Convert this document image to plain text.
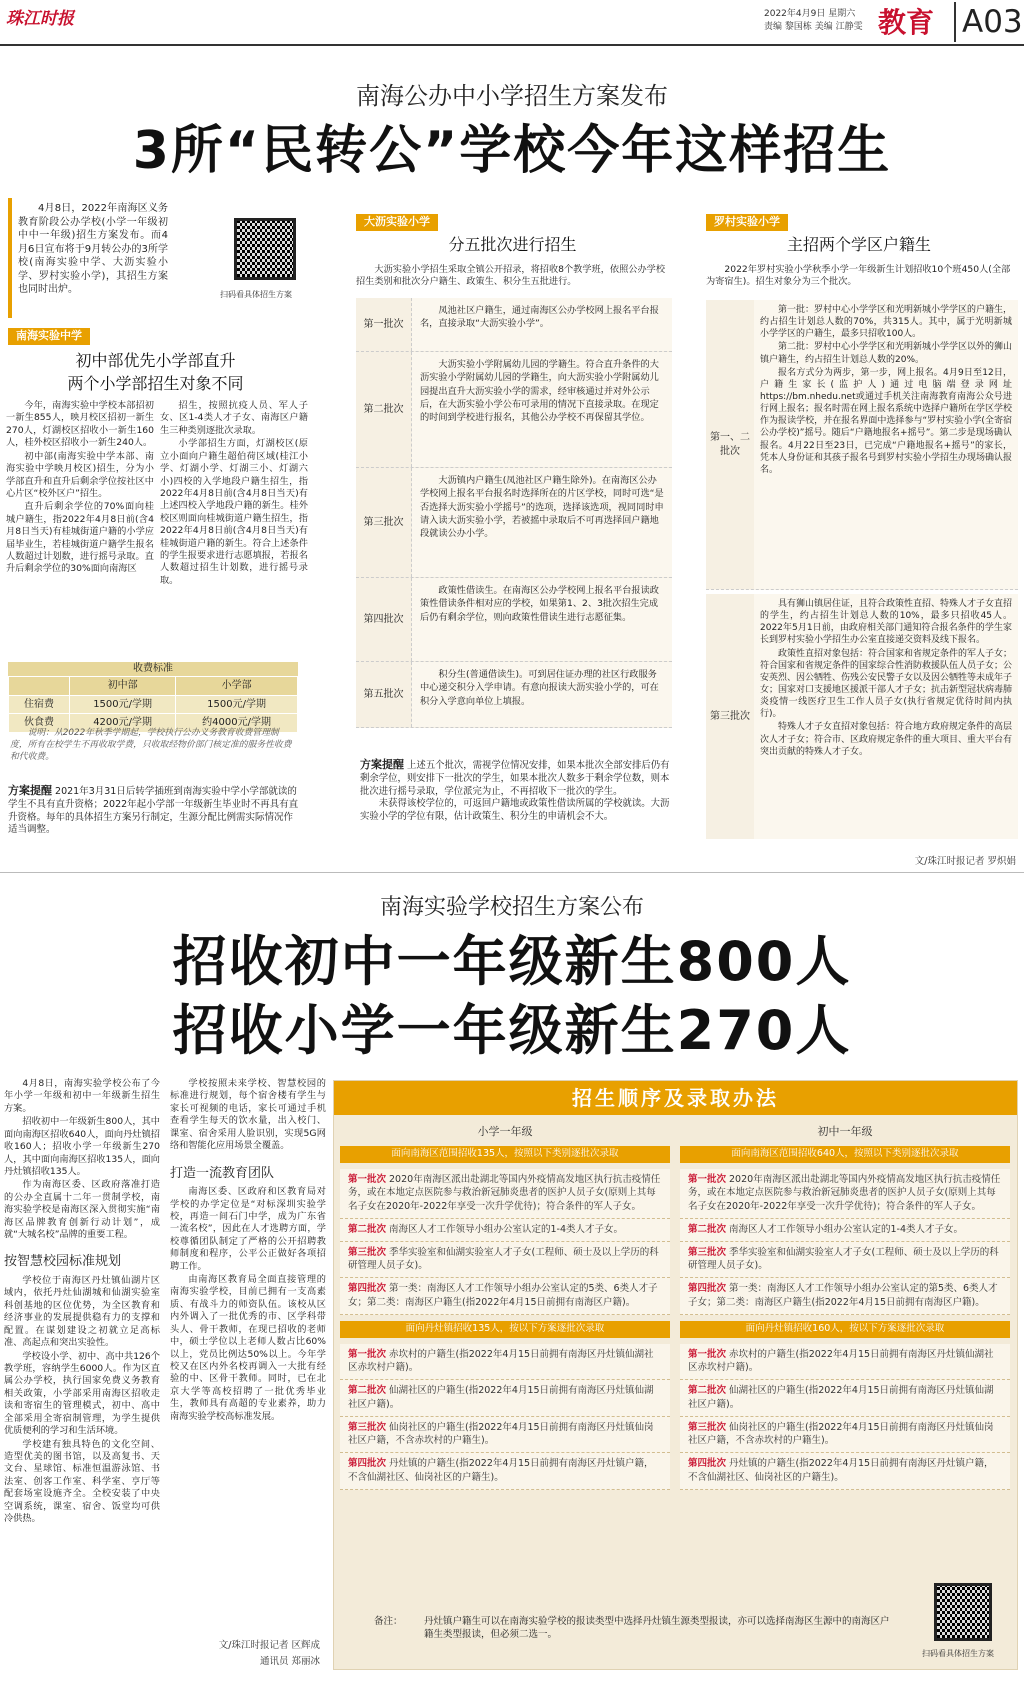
珠江时报	2022年4月9日 星期六
责编 黎国栋 美编 江静雯 教育 A03
南海公办中小学招生方案发布
3所“民转公”学校今年这样招生

4月8日，2022年南海区义务教育阶段公办学校(小学一年级初中中一年级)招生方案发布。而4月6日宣布将于9月转公办的3所学校(南海实验中学、大沥实验小学、罗村实验小学)，其招生方案也同时出炉。	扫码看具体招生方案
南海实验中学
初中部优先小学部直升
两个小学部招生对象不同

今年，南海实验中学校本部招初一新生855人，映月校区招初一新生270人，灯湖校区招收小一新生160人，桂外校区招收小一新生240人。

初中部(南海实验中学本部、南海实验中学映月校区)招生，分为小学部直升和直升后剩余学位按社区中心片区“校外区户”招生。

直升后剩余学位的70%面向桂城户籍生，指2022年4月8日前(含4月8日当天)有桂城街道户籍的小学应届毕业生，若桂城街道户籍学生报名人数超过计划数，进行摇号录取。直升后剩余学位的30%面向南海区

招生，按照抗疫人员、军人子女、区1-4类人才子女、南海区户籍生三种类别逐批次录取。

小学部招生方面，灯湖校区(原立小面向户籍生超伯荷区域(桂江小学、灯湖小学、灯湖三小、灯湖六小)四校的入学地段户籍生招生，指2022年4月8日前(含4月8日当天)有上述四校入学地段户籍的新生。桂外校区则面向桂城街道户籍生招生，指2022年4月8日前(含4月8日当天)有桂城街道户籍的新生。符合上述条件的学生报要求进行志愿填报，若报名人数超过招生计划数，进行摇号录取。

收费标准
	初中部	小学部
住宿费	1500元/学期	1500元/学期
伙食费	4200元/学期	约4000元/学期
说明：从2022年秋季学期起，学校执行公办义务教育收费管理制度，所有在校学生不再收取学费，只收取经物价部门核定准的服务性收费和代收费。
方案提醒 2021年3月31日后转学插班到南海实验中学小学部就读的学生不具有直升资格；2022年起小学部一年级新生毕业时不再具有直升资格。每年的具体招生方案另行制定，生源分配比例需实际情况作适当调整。
大沥实验小学
分五批次进行招生
大沥实验小学招生采取全镇公开招录，将招收8个教学班，依照公办学校招生类别和批次分户籍生、政策生、积分生五批进行。
第一批次
凤池社区户籍生，通过南海区公办学校网上报名平台报名，直接录取“大沥实验小学”。
第二批次
大沥实验小学附属幼儿园的学籍生。符合直升条件的大沥实验小学附属幼儿园的学籍生，向大沥实验小学附属幼儿园提出直升大沥实验小学的需求，经审核通过并对外公示后，在大沥实验小学公布可录用的情况下直接录取。在现定的时间到学校进行报名，其他公办学校不再保留其学位。
第三批次
大沥镇内户籍生(凤池社区户籍生除外)。在南海区公办学校网上报名平台报名时选择所在的片区学校，同时可选“是否选择大沥实验小学摇号”的选项，选择该选项，视同同时申请入读大沥实验小学，若被摇中录取后不可再选择回户籍地段就读公办小学。
第四批次
政策性借读生。在南海区公办学校网上报名平台报读政策性借读条件相对应的学校，如果第1、2、3批次招生完成后仍有剩余学位，则向政策性借读生进行志愿征集。
第五批次
积分生(普通借读生)。可到居住证办理的社区行政服务中心递交积分入学申请。有意向报读大沥实验小学的，可在积分入学意向单位上填报。
方案提醒 上述五个批次，需视学位情况安排，如果本批次全部安排后仍有剩余学位，则安排下一批次的学生，如果本批次人数多于剩余学位数，则本批次进行摇号录取，学位派完为止，不再招收下一批次的学生。
未获得该校学位的，可返回户籍地或政策性借读所属的学校就读。大沥实验小学的学位有限，估计政策生、积分生的申请机会不大。
罗村实验小学
主招两个学区户籍生
2022年罗村实验小学秋季小学一年级新生计划招收10个班450人(全部为寄宿生)。招生对象分为三个批次。
第一、二批次

第一批：罗村中心小学学区和光明新城小学学区的户籍生，约占招生计划总人数的70%，共315人。其中，属于光明新城小学学区的户籍生，最多只招收100人。

第二批：罗村中心小学学区和光明新城小学学区以外的狮山镇户籍生，约占招生计划总人数的20%。

报名方式分为两步，第一步，网上报名。4月9日至12日，户籍生家长(监护人)通过电脑端登录网址https://bm.nhedu.net或通过手机关注南海教育南海公众号进行网上报名；报名时需在网上报名系统中选择户籍所在学区学校作为报读学校，并在报名界面中选择参与“罗村实验小学(全寄宿公办学校)”摇号。随后“户籍地报名+摇号”。第二步是现场确认报名。4月22日至23日，已完成“户籍地报名+摇号”的家长，凭本人身份证和其孩子报名号到罗村实验小学招生办现场确认报名。

第三批次

具有狮山镇居住证，且符合政策性直招、特殊人才子女直招的学生，约占招生计划总人数的10%，最多只招收45人。2022年5月1日前，由政府相关部门通知符合报名条件的学生家长到罗村实验小学招生办公室直接递交资料及线下报名。

政策性直招对象包括：符合国家和省规定条件的军人子女；符合国家和省规定条件的国家综合性消防救援队伍人员子女；公安英烈、因公牺牲、伤残公安民警子女以及因公牺牲等未成年子女；国家对口支援地区援派干部人才子女；抗击新型冠状病毒肺炎疫情一线医疗卫生工作人员子女(执行省规定优待时间内执行)。

特殊人才子女直招对象包括：符合地方政府规定条件的高层次人才子女；符合市、区政府规定条件的重大项目、重大平台有突出贡献的特殊人才子女。

文/珠江时报记者 罗炽娟
南海实验学校招生方案公布
招收初中一年级新生800人
招收小学一年级新生270人

4月8日，南海实验学校公布了今年小学一年级和初中一年级新生招生方案。

招收初中一年级新生800人，其中面向南海区招收640人，面向丹灶镇招收160人；招收小学一年级新生270人，其中面向南海区招收135人，面向丹灶镇招收135人。

作为南海区委、区政府落准打造的公办全直属十二年一贯制学校，南海实验学校是南海区深入贯彻实施“南海区品牌教育创新行动计划”，成就“大城名校”品牌的重要工程。

按智慧校园标准规划

学校位于南海区丹灶镇仙湖片区域内，依托丹灶仙湖城和仙湖实验室科创基地的区位优势，为全区教育和经济事业的发展提供稳有力的支撑和配置。在谋划建设之初就立足高标准、高起点和突出实验性。

学校设小学、初中、高中共126个教学班，容纳学生6000人。作为区直属公办学校，执行国家免费义务教育相关政策，小学部采用南海区招收走读和寄宿生的管理模式，初中、高中全部采用全寄宿制管理，为学生提供优质便利的学习和生活环境。

学校建有独具特色的文化空间、造型优美的图书馆，以及高复书、天文台、星球馆、标准恒温游泳馆、书法室、创客工作室、科学室、亨厅等配套场室设施齐全。全校安装了中央空调系统，课室、宿舍、饭堂均可供冷供热。

学校按照未来学校、智慧校园的标准进行规划，每个宿舍楼有学生与家长可视频的电话，家长可通过手机查看学生每天的饮水量，出入校门、课室、宿舍采用人脸识别，实现5G网络和智能化应用场景全覆盖。

打造一流教育团队

南海区委、区政府和区教育局对学校的办学定位是“对标深圳实验学校，再造一间石门中学，成为广东省一流名校”，因此在人才选聘方面，学校尊循团队制定了严格的公开招聘教师制度和程序，公平公正做好各项招聘工作。

由南海区教育局全面直接管理的南海实验学校，目前已拥有一支高素质、有战斗力的师资队伍。该校从区内外调入了一批优秀的市、区学科带头人、骨干教师，在现已招收的老师中，硕士学位以上老师人数占比60%以上，党员比例达50%以上。今年学校又在区内外名校再调入一大批有经验的中、区骨干教师。同时，已在北京大学等高校招聘了一批优秀毕业生，教师具有高超的专业素养，助力南海实验学校高标准发展。

文/珠江时报记者 区辉成
通讯员 郑丽冰
招生顺序及录取办法
小学一年级
面向南海区范围招收135人，按照以下类别逐批次录取
第一批次 2020年南海区派出赴湖北等国内外疫情高发地区执行抗击疫情任务，或在本地定点医院参与救治新冠肺炎患者的医护人员子女(原则上其每名子女在2020年-2022年享受一次升学优待)；符合条件的军人子女。
第二批次 南海区人才工作领导小组办公室认定的1-4类人才子女。
第三批次 季华实验室和仙湖实验室人才子女(工程师、硕士及以上学历的科研管理人员子女)。
第四批次 第一类：南海区人才工作领导小组办公室认定的5类、6类人才子女；第二类：南海区户籍生(指2022年4月15日前拥有南海区户籍)。
面向丹灶镇招收135人，按以下方案逐批次录取
第一批次 赤坎村的户籍生(指2022年4月15日前拥有南海区丹灶镇仙湖社区赤坎村户籍)。
第二批次 仙湖社区的户籍生(指2022年4月15日前拥有南海区丹灶镇仙湖社区户籍)。
第三批次 仙岗社区的户籍生(指2022年4月15日前拥有南海区丹灶镇仙岗社区户籍，不含赤坎村的户籍生)。
第四批次 丹灶镇的户籍生(指2022年4月15日前拥有南海区丹灶镇户籍，不含仙湖社区、仙岗社区的户籍生)。
初中一年级
面向南海区范围招收640人，按照以下类别逐批次录取
第一批次 2020年南海区派出赴湖北等国内外疫情高发地区执行抗击疫情任务，或在本地定点医院参与救治新冠肺炎患者的医护人员子女(原则上其每名子女在2020年-2022年享受一次升学优待)；符合条件的军人子女。
第二批次 南海区人才工作领导小组办公室认定的1-4类人才子女。
第三批次 季华实验室和仙湖实验室人才子女(工程师、硕士及以上学历的科研管理人员子女)。
第四批次 第一类：南海区人才工作领导小组办公室认定的第5类、6类人才子女；第二类：南海区户籍生(指2022年4月15日前拥有南海区户籍)。
面向丹灶镇招收160人，按以下方案逐批次录取
第一批次 赤坎村的户籍生(指2022年4月15日前拥有南海区丹灶镇仙湖社区赤坎村户籍)。
第二批次 仙湖社区的户籍生(指2022年4月15日前拥有南海区丹灶镇仙湖社区户籍)。
第三批次 仙岗社区的户籍生(指2022年4月15日前拥有南海区丹灶镇仙岗社区户籍，不含赤坎村的户籍生)。
第四批次 丹灶镇的户籍生(指2022年4月15日前拥有南海区丹灶镇户籍，不含仙湖社区、仙岗社区的户籍生)。
备注：	丹灶镇户籍生可以在南海实验学校的报读类型中选择丹灶镇生源类型报读，亦可以选择南海区生源中的南海区户籍生类型报读，但必须二选一。
扫码看具体招生方案
